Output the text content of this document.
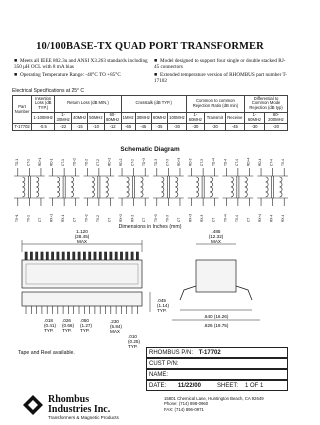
10/100BASE-TX QUAD PORT TRANSFORMER
■ Meets all IEEE 802.3u and ANSI X3.263 standards including 350 μH OCL with 8 mA bias
■ Operating Temperature Range: -40°C TO +85°C
■ Model designed to support four single or double stacked RJ-45 connectors
■ Extended temperature version of RHOMBUS part number T-17102
Electrical Specifications at 25° C
Part Number	Insertion Loss (dB TYP.)	Return Loss (dB MIN.)				Crosstalk (dB TYP.)				Common to common Rejection Ratio (dB min)			Differential to Common Mode Rejection (dB typ)	
	1-100MHz	1-30MHz	40MHz	50MHz	60-80MHz	1MHz	30MHz	60MHz	100MHz	1-60MHz	Transmit	Receive	1-60MHz	60-200MHz
T-17702	-0.5	-22	-15	-10	-12	-65	-45	-35	-30	-30	-30	-45	-30	-20
Schematic Diagram
TD-1 CT-1 RD+1 RD-1 CT-1 TD+2 TD-2 CT-2 RD+2 RD-2 CT-2 TD+3 TD-3 CT-3 RD+3 RD-3 CT-3 TD+4 TD-4 CT-4 RD+4 RD-4 CT-4 TX-4
TX+1 TX-1 CT RX+1 RX-1 CT TX+2 TX-2 CT RX+2 RX-2 CT TX+3 TX-3 CT RX+3 RX-3 CT TX+4 TX-4 CT RX+4 RX-4 RX-4
Dimensions in Inches (mm)
1.120
(28.45)
MAX
.230
(5.84)
MAX
.018
(0.41)
TYP.
.026
(0.66)
TYP.
.050
(1.27)
TYP.
.485
(12.32)
MAX
.045
(1.14)
TYP.
.010
(0.25)
TYP.
.640 (16.26)
.826 (19.75)
Tape and Reel available.	RHOMBUS P/N: T-17702
CUST P/N:
NAME:
DATE: 11/22/00	SHEET: 1 OF 1
Rhombus
Industries Inc.
Transformers & Magnetic Products
15801 Chemical Lane, Huntington Beach, CA 92649
Phone: (714) 898-0960
FAX: (714) 896-0971
